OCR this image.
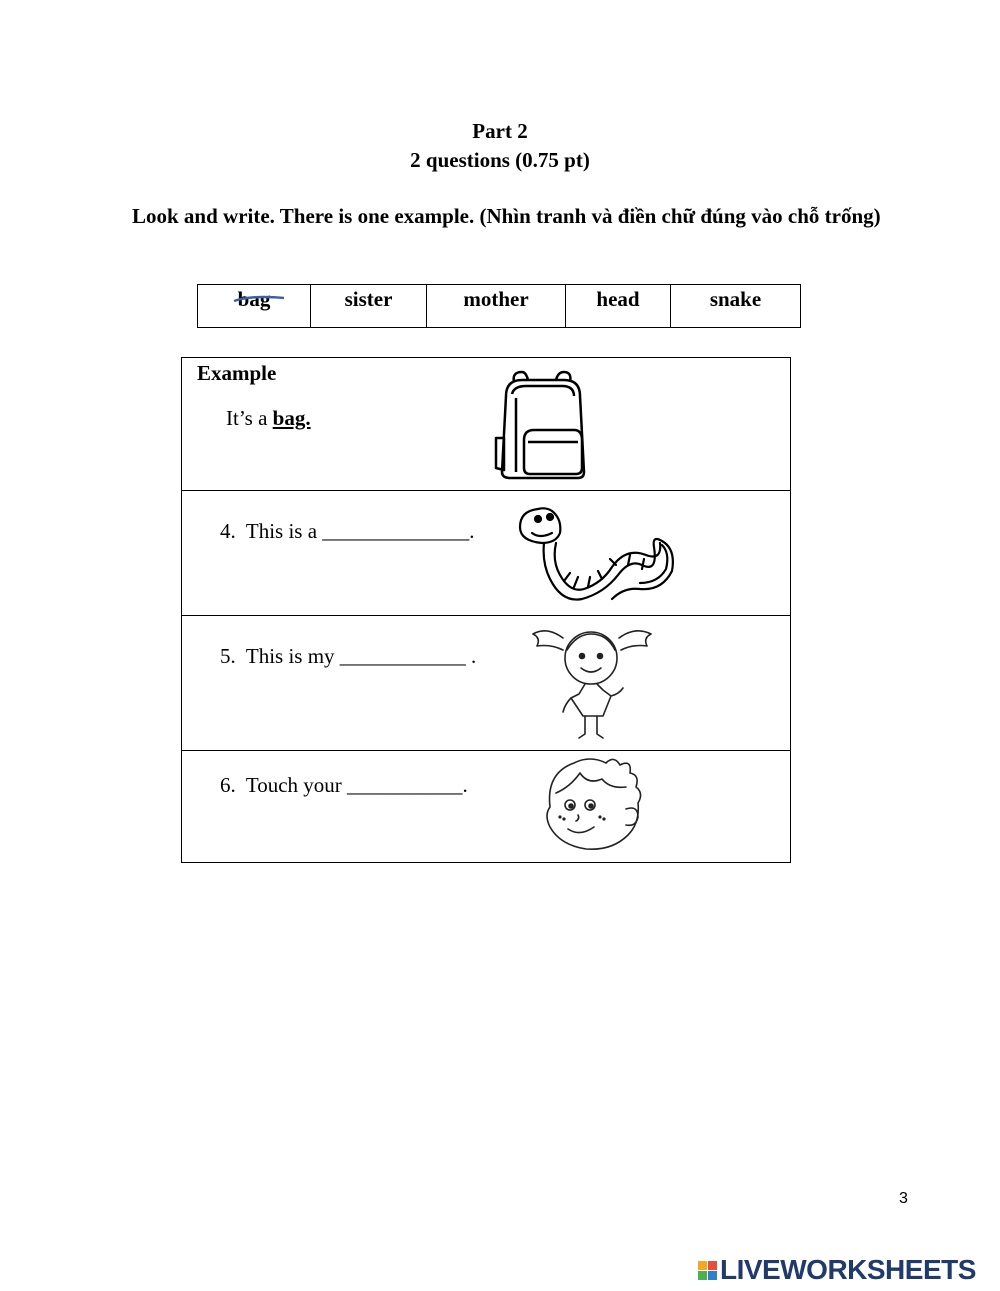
Part 2
2 questions (0.75 pt)
Look and write. There is one example. (Nhìn tranh và điền chữ đúng vào chỗ trống)
bag	sister	mother	head	snake
Example
It’s a bag.
4.  This is a ______________.
5.  This is my ____________ .
6.  Touch your ___________.
3
LIVEWORKSHEETS
